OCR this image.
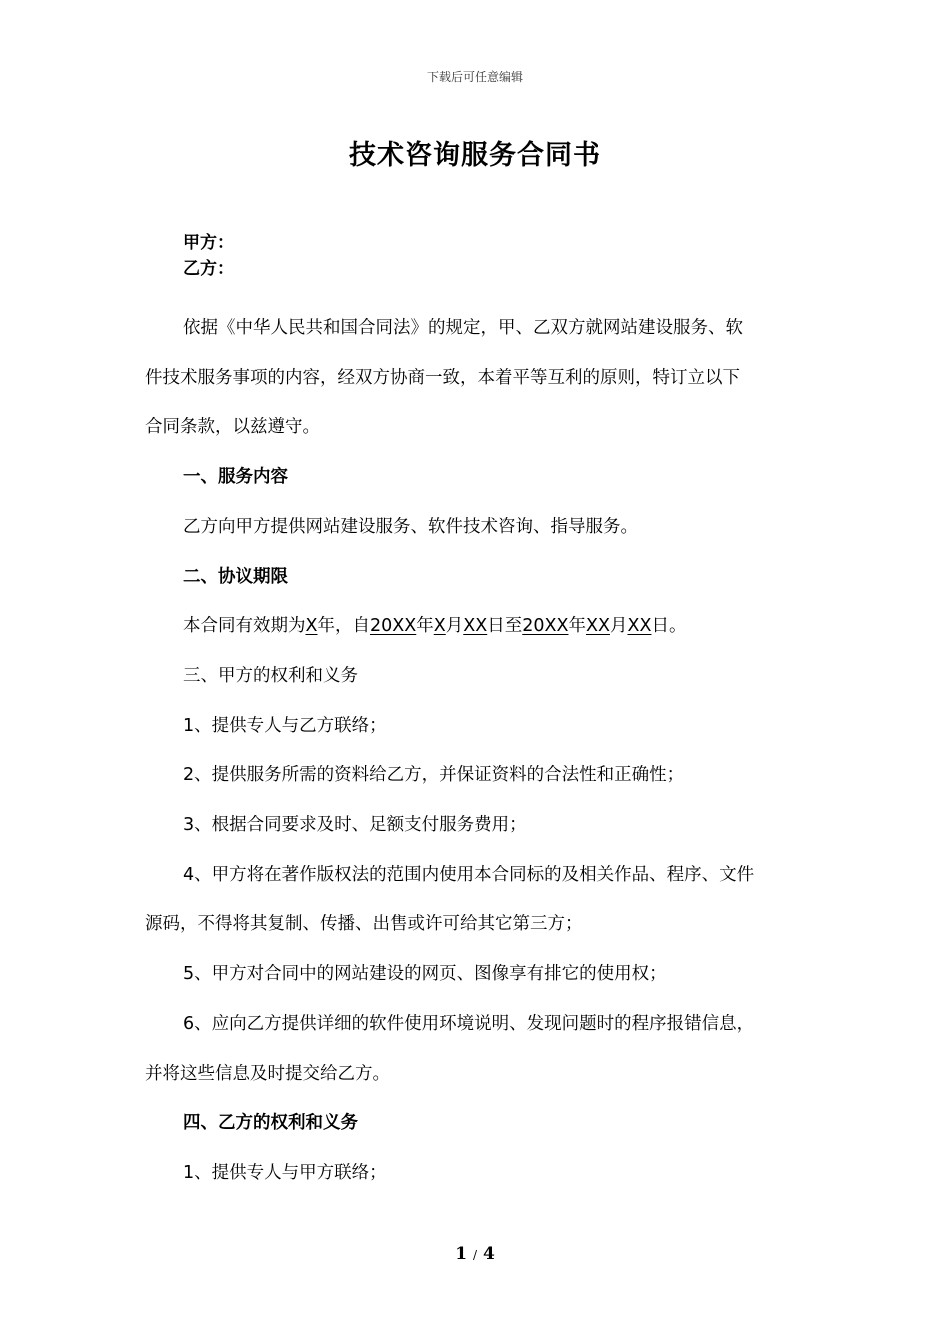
下载后可任意编辑
技术咨询服务合同书
甲方：
乙方：
依据《中华人民共和国合同法》的规定，甲、乙双方就网站建设服务、软
件技术服务事项的内容，经双方协商一致，本着平等互利的原则，特订立以下
合同条款，以兹遵守。
一、服务内容
乙方向甲方提供网站建设服务、软件技术咨询、指导服务。
二、协议期限
本合同有效期为X年，自20XX年X月XX日至20XX年XX月XX日。
三、甲方的权利和义务
1、提供专人与乙方联络；
2、提供服务所需的资料给乙方，并保证资料的合法性和正确性；
3、根据合同要求及时、足额支付服务费用；
4、甲方将在著作版权法的范围内使用本合同标的及相关作品、程序、文件
源码，不得将其复制、传播、出售或许可给其它第三方；
5、甲方对合同中的网站建设的网页、图像享有排它的使用权；
6、应向乙方提供详细的软件使用环境说明、发现问题时的程序报错信息，
并将这些信息及时提交给乙方。
四、乙方的权利和义务
1、提供专人与甲方联络；
1 / 4
